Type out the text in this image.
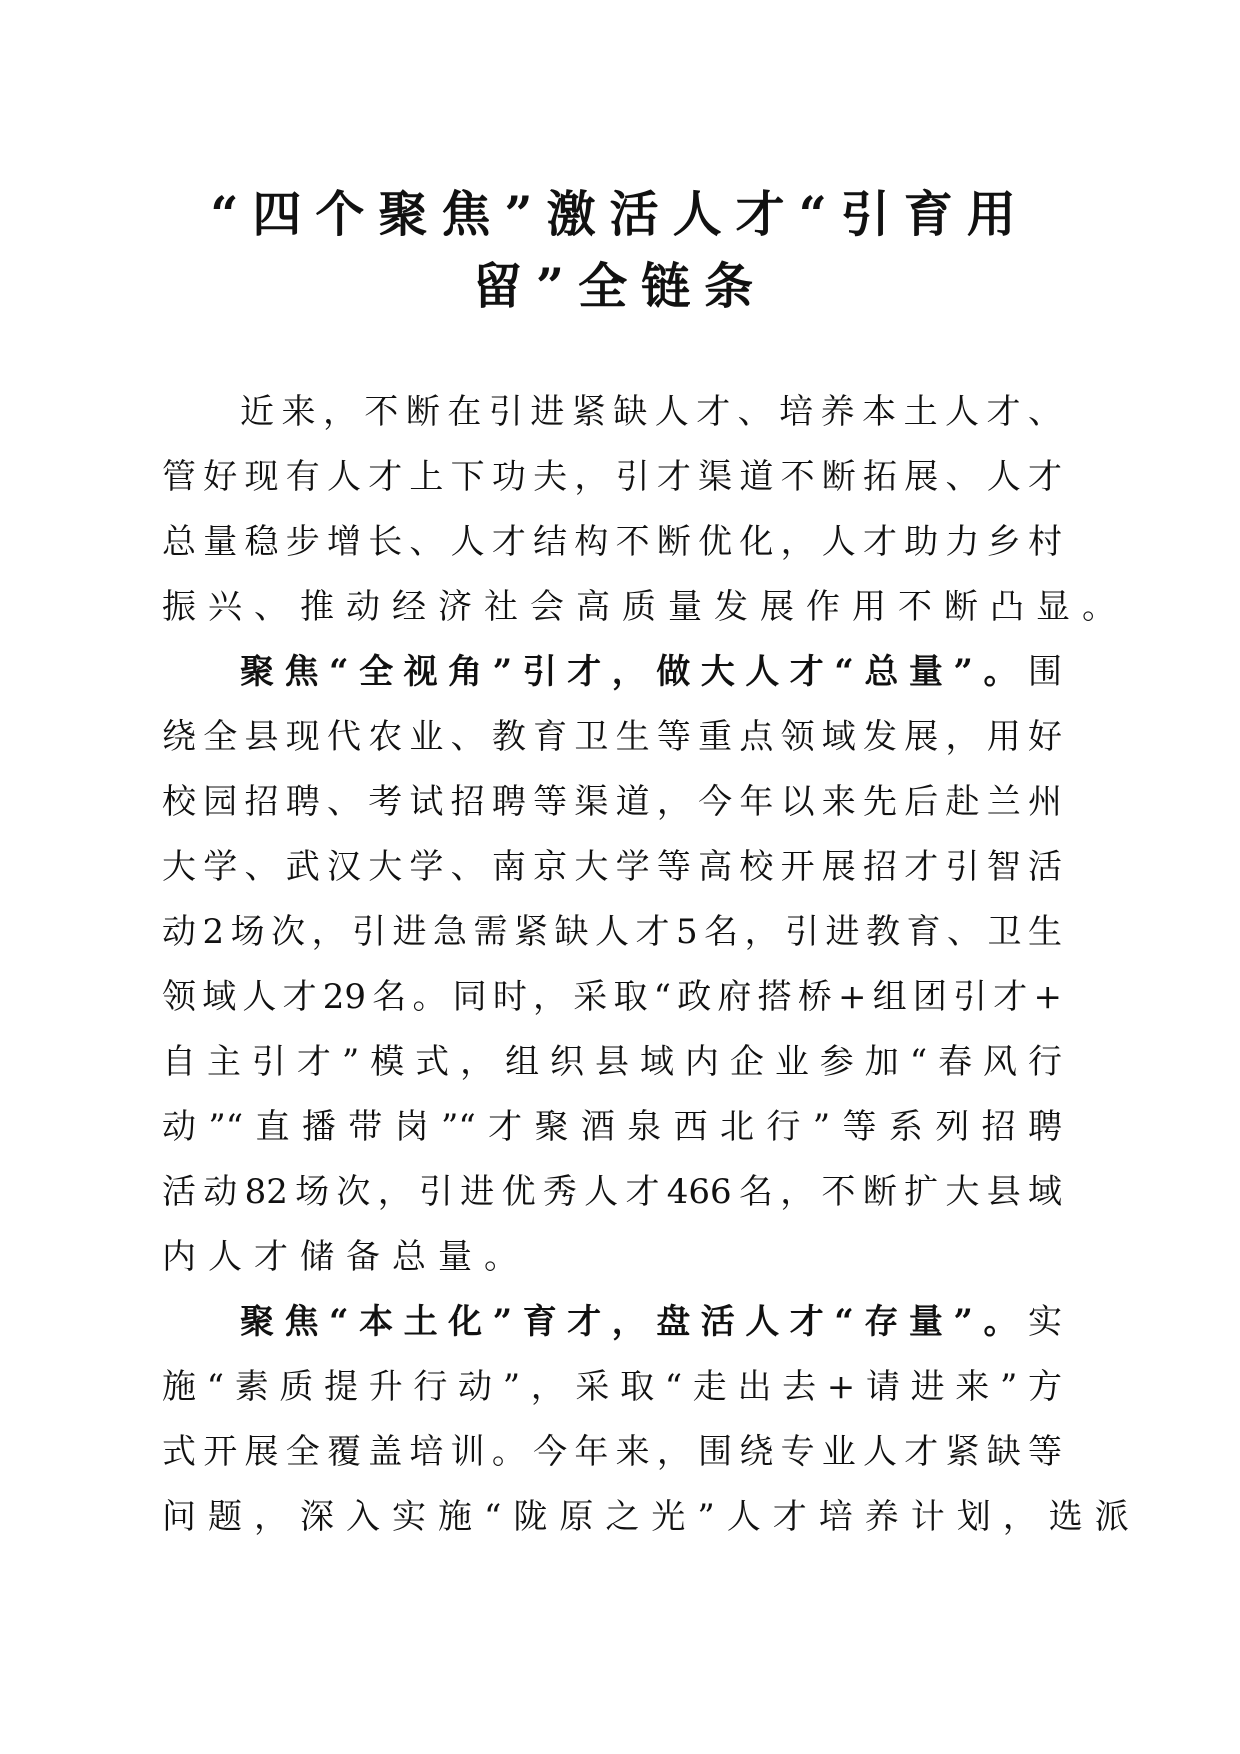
“四个聚焦”激活人才“引育用
留”全链条
近来，不断在引进紧缺人才、培养本土人才、
管好现有人才上下功夫，引才渠道不断拓展、人才
总量稳步增长、人才结构不断优化，人才助力乡村
振兴、推动经济社会高质量发展作用不断凸显。
聚焦“全视角”引才，做大人才“总量”。围
绕全县现代农业、教育卫生等重点领域发展，用好
校园招聘、考试招聘等渠道，今年以来先后赴兰州
大学、武汉大学、南京大学等高校开展招才引智活
动2场次，引进急需紧缺人才5名，引进教育、卫生
领域人才29名。同时，采取“政府搭桥+组团引才+
自主引才”模式，组织县域内企业参加“春风行
动”“直播带岗”“才聚酒泉西北行”等系列招聘
活动82场次，引进优秀人才466名，不断扩大县域
内人才储备总量。
聚焦“本土化”育才，盘活人才“存量”。实
施“素质提升行动”，采取“走出去+请进来”方
式开展全覆盖培训。今年来，围绕专业人才紧缺等
问题，深入实施“陇原之光”人才培养计划，选派
